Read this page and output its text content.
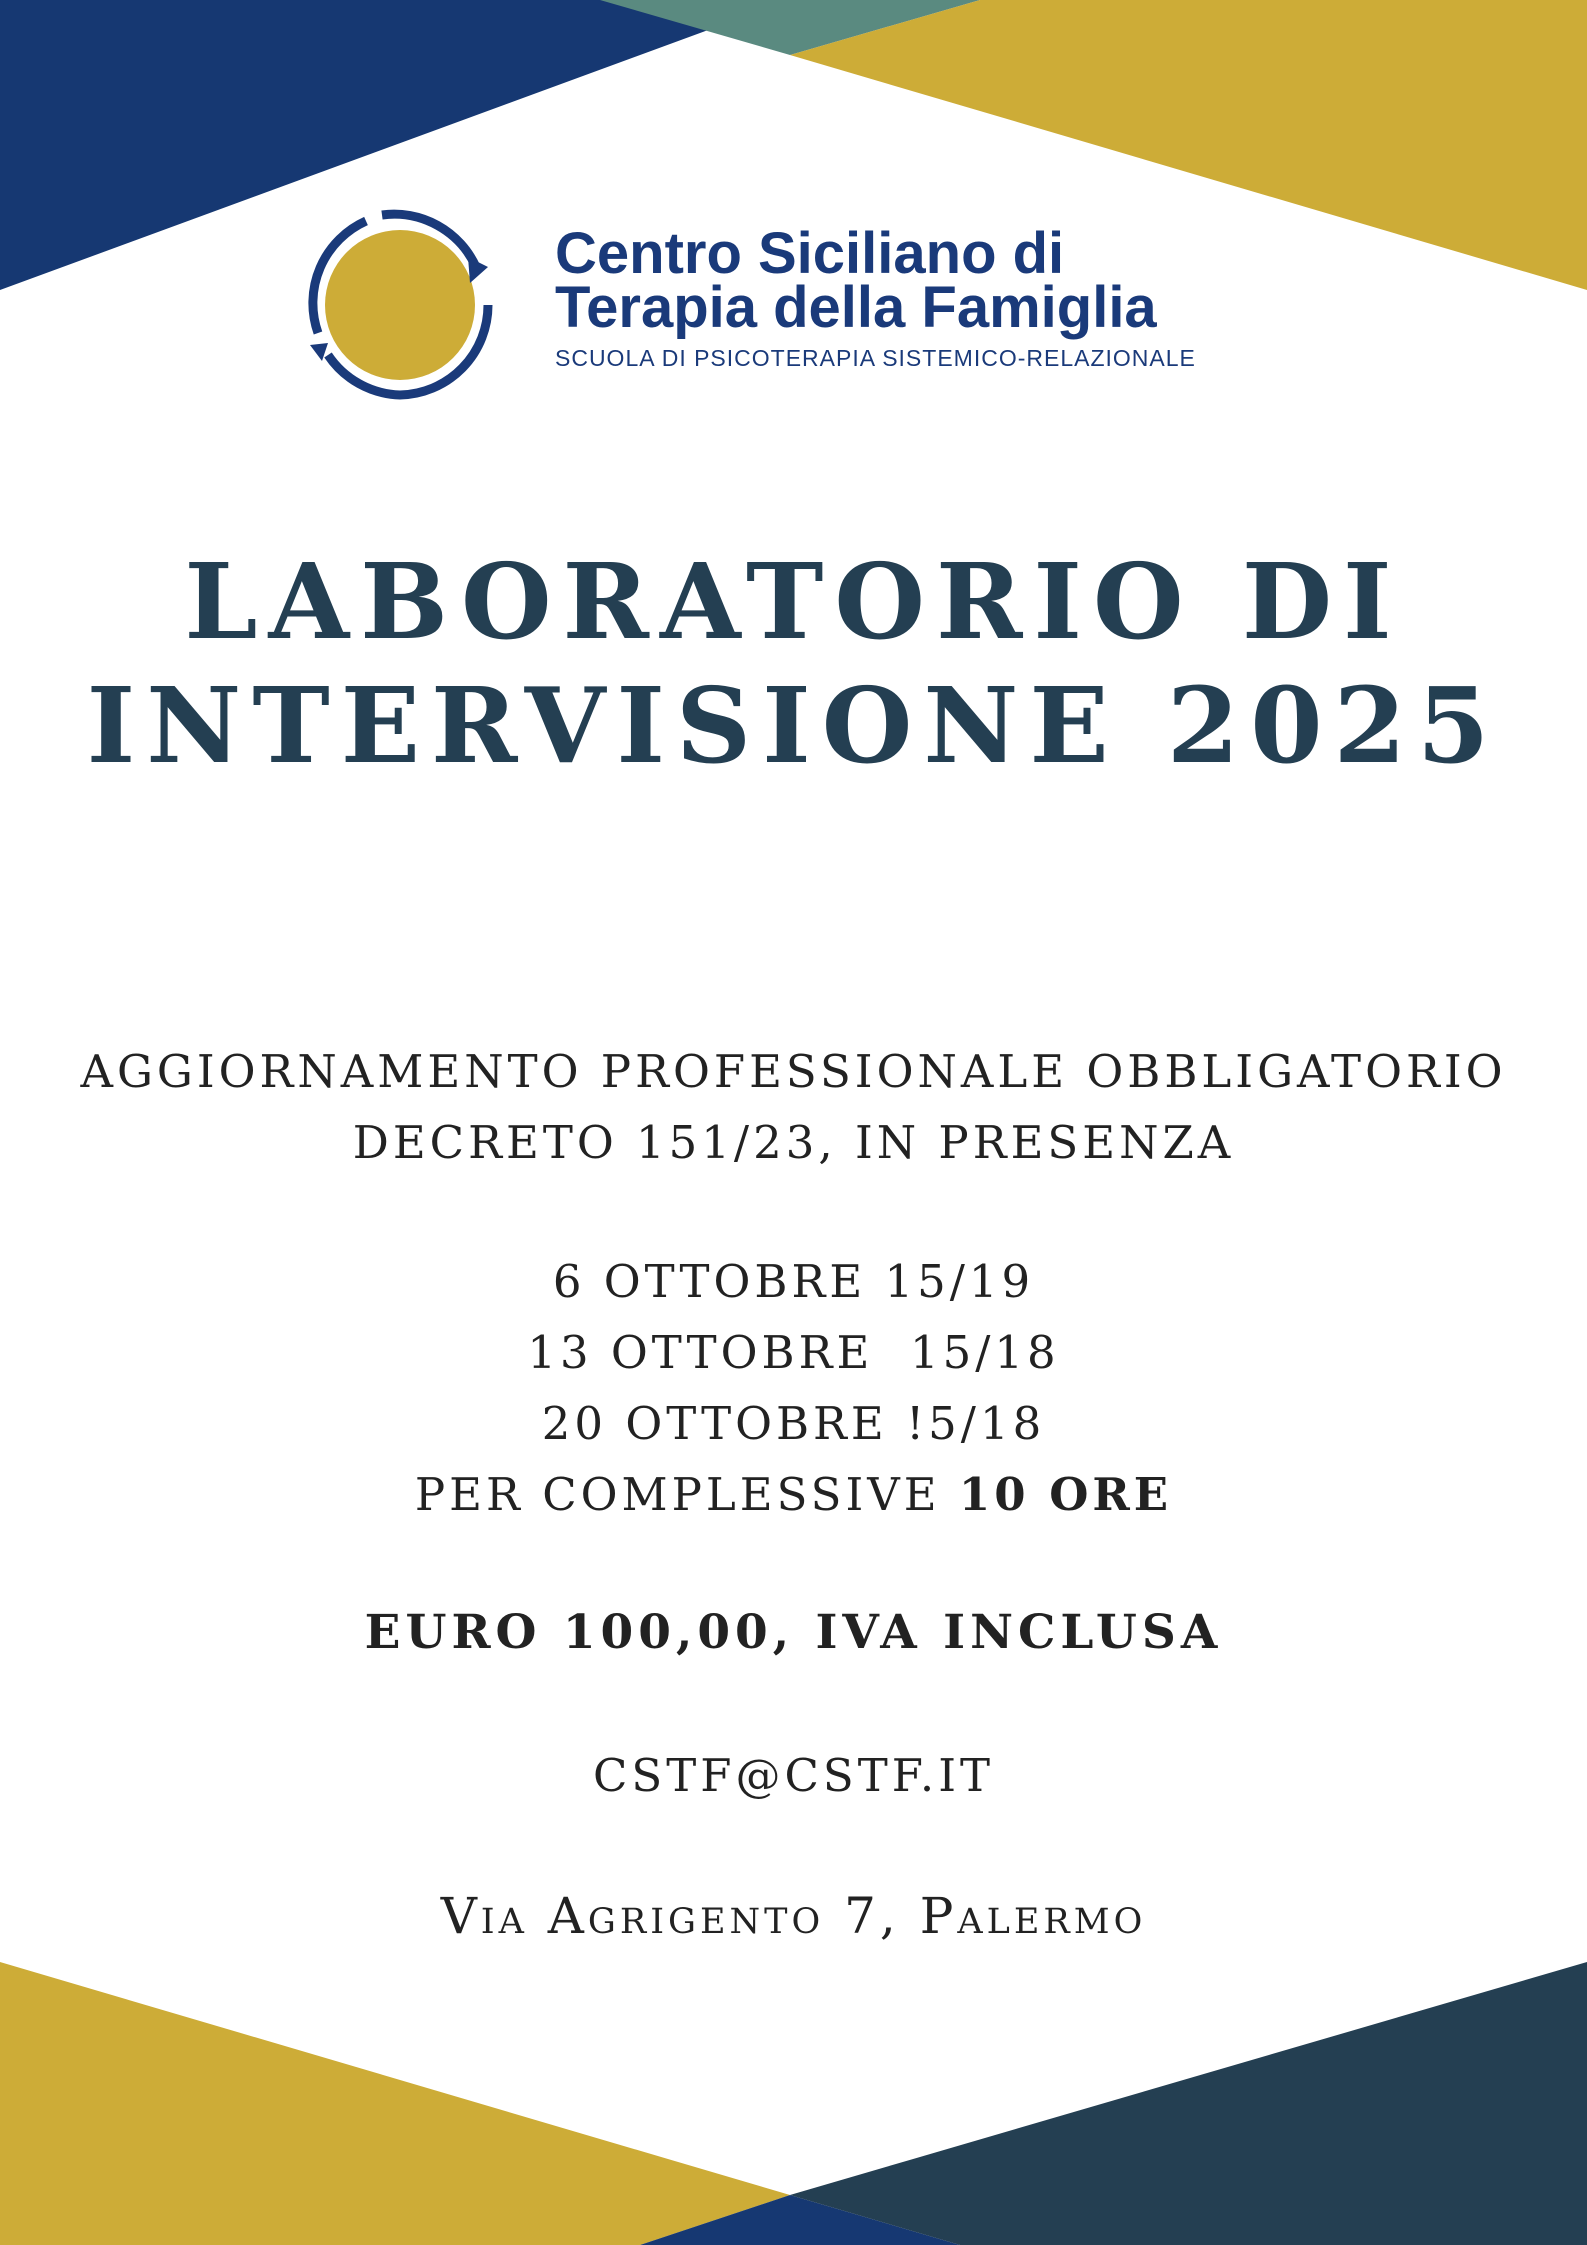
Centro Siciliano di
Terapia della Famiglia
SCUOLA DI PSICOTERAPIA SISTEMICO-RELAZIONALE
LABORATORIO DI
INTERVISIONE 2025
AGGIORNAMENTO PROFESSIONALE OBBLIGATORIO
DECRETO 151/23, IN PRESENZA
6 OTTOBRE 15/19
13 OTTOBRE  15/18
20 OTTOBRE !5/18
PER COMPLESSIVE 10 ORE
EURO 100,00, IVA INCLUSA
CSTF@CSTF.IT
Via Agrigento 7, Palermo
